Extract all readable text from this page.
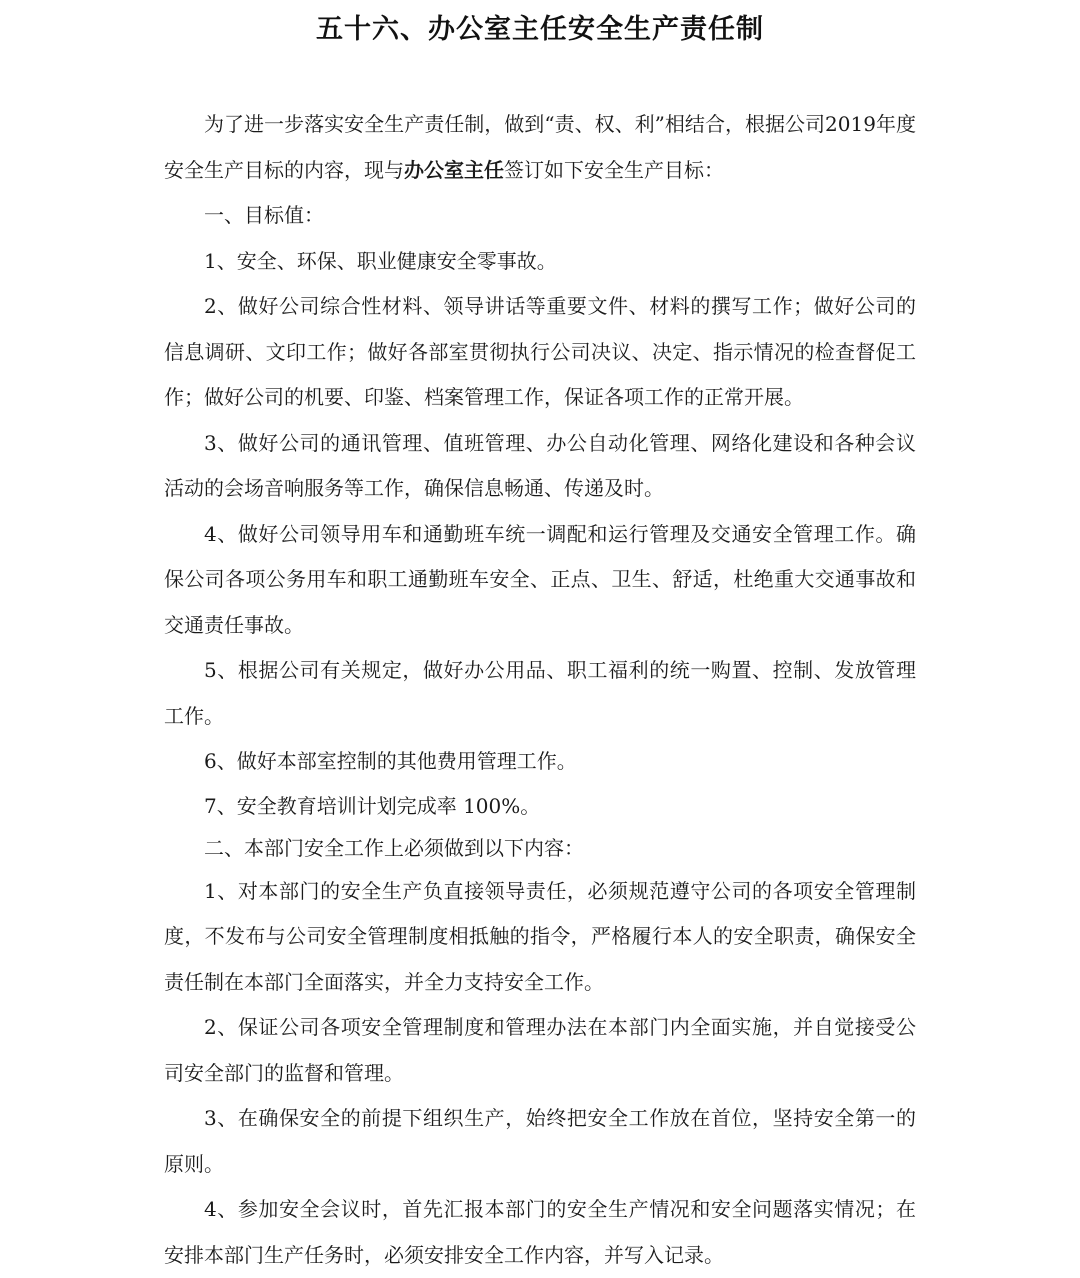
五十六、办公室主任安全生产责任制

为了进一步落实安全生产责任制，做到“责、权、利”相结合，根据公司2019年度安全生产目标的内容，现与办公室主任签订如下安全生产目标：

一、目标值：

1、安全、环保、职业健康安全零事故。

2、做好公司综合性材料、领导讲话等重要文件、材料的撰写工作；做好公司的信息调研、文印工作；做好各部室贯彻执行公司决议、决定、指示情况的检查督促工作；做好公司的机要、印鉴、档案管理工作，保证各项工作的正常开展。

3、做好公司的通讯管理、值班管理、办公自动化管理、网络化建设和各种会议活动的会场音响服务等工作，确保信息畅通、传递及时。

4、做好公司领导用车和通勤班车统一调配和运行管理及交通安全管理工作。确保公司各项公务用车和职工通勤班车安全、正点、卫生、舒适，杜绝重大交通事故和交通责任事故。

5、根据公司有关规定，做好办公用品、职工福利的统一购置、控制、发放管理工作。

6、做好本部室控制的其他费用管理工作。

7、安全教育培训计划完成率 100%。

二、本部门安全工作上必须做到以下内容：

1、对本部门的安全生产负直接领导责任，必须规范遵守公司的各项安全管理制度，不发布与公司安全管理制度相抵触的指令，严格履行本人的安全职责，确保安全责任制在本部门全面落实，并全力支持安全工作。

2、保证公司各项安全管理制度和管理办法在本部门内全面实施，并自觉接受公司安全部门的监督和管理。

3、在确保安全的前提下组织生产，始终把安全工作放在首位，坚持安全第一的原则。

4、参加安全会议时，首先汇报本部门的安全生产情况和安全问题落实情况；在安排本部门生产任务时，必须安排安全工作内容，并写入记录。
